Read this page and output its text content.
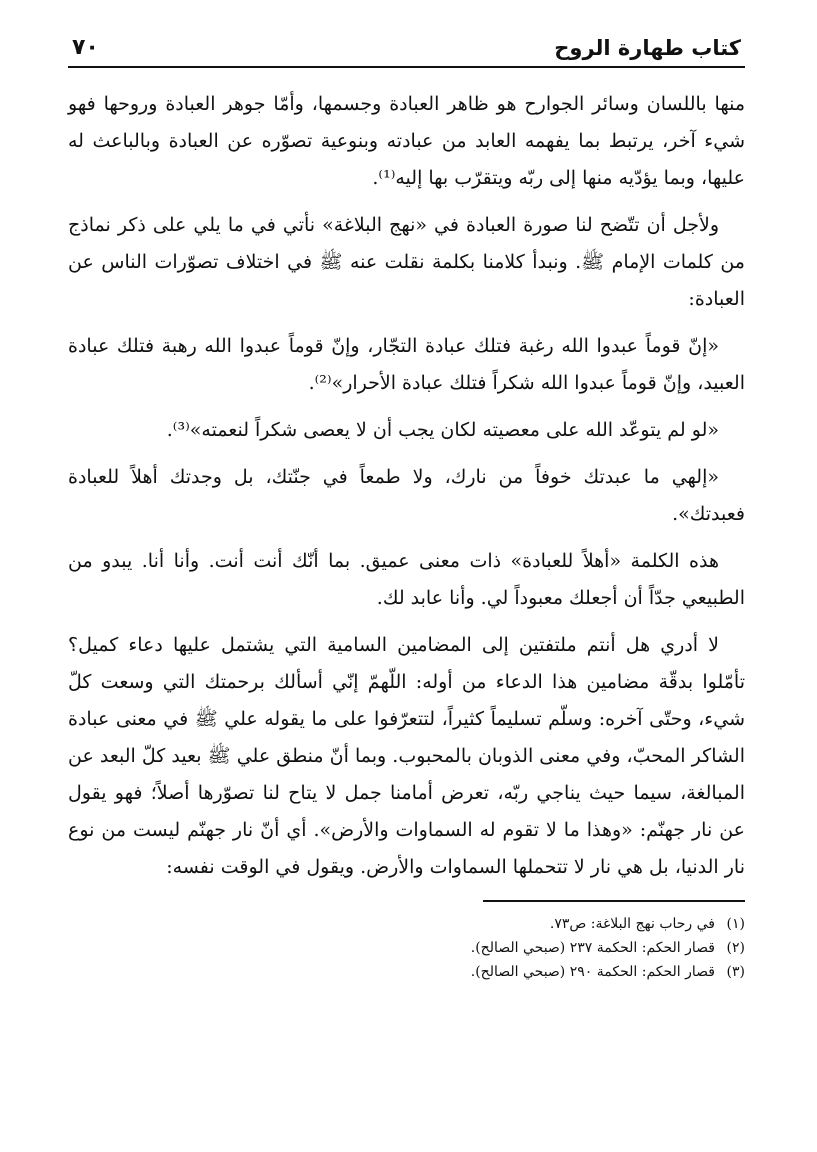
كتاب طهارة الروح
٧٠

منها باللسان وسائر الجوارح هو ظاهر العبادة وجسمها، وأمّا جوهر العبادة وروحها فهو شيء آخر، يرتبط بما يفهمه العابد من عبادته وبنوعية تصوّره عن العبادة وبالباعث له عليها، وبما يؤدّيه منها إلى ربّه ويتقرّب بها إليه⁽¹⁾.

ولأجل أن تتّضح لنا صورة العبادة في «نهج البلاغة» نأتي في ما يلي على ذكر نماذج من كلمات الإمام ﷺ. ونبدأ كلامنا بكلمة نقلت عنه ﷺ في اختلاف تصوّرات الناس عن العبادة:

«إنّ قوماً عبدوا الله رغبة فتلك عبادة التجّار، وإنّ قوماً عبدوا الله رهبة فتلك عبادة العبيد، وإنّ قوماً عبدوا الله شكراً فتلك عبادة الأحرار»⁽²⁾.

«لو لم يتوعّد الله على معصيته لكان يجب أن لا يعصى شكراً لنعمته»⁽³⁾.

«إلهي ما عبدتك خوفاً من نارك، ولا طمعاً في جنّتك، بل وجدتك أهلاً للعبادة فعبدتك».

هذه الكلمة «أهلاً للعبادة» ذات معنى عميق. بما أنّك أنت أنت. وأنا أنا. يبدو من الطبيعي جدّاً أن أجعلك معبوداً لي. وأنا عابد لك.

لا أدري هل أنتم ملتفتين إلى المضامين السامية التي يشتمل عليها دعاء كميل؟ تأمّلوا بدقّة مضامين هذا الدعاء من أوله: اللّهمّ إنّي أسألك برحمتك التي وسعت كلّ شيء، وحتّى آخره: وسلّم تسليماً كثيراً، لتتعرّفوا على ما يقوله علي ﷺ في معنى عبادة الشاكر المحبّ، وفي معنى الذوبان بالمحبوب. وبما أنّ منطق علي ﷺ بعيد كلّ البعد عن المبالغة، سيما حيث يناجي ربّه، تعرض أمامنا جمل لا يتاح لنا تصوّرها أصلاً؛ فهو يقول عن نار جهنّم: «وهذا ما لا تقوم له السماوات والأرض». أي أنّ نار جهنّم ليست من نوع نار الدنيا، بل هي نار لا تتحملها السماوات والأرض. ويقول في الوقت نفسه:

(١)
في رحاب نهج البلاغة: ص٧٣.
(٢)
قصار الحكم: الحكمة ٢٣٧ (صبحي الصالح).
(٣)
قصار الحكم: الحكمة ٢٩٠ (صبحي الصالح).
